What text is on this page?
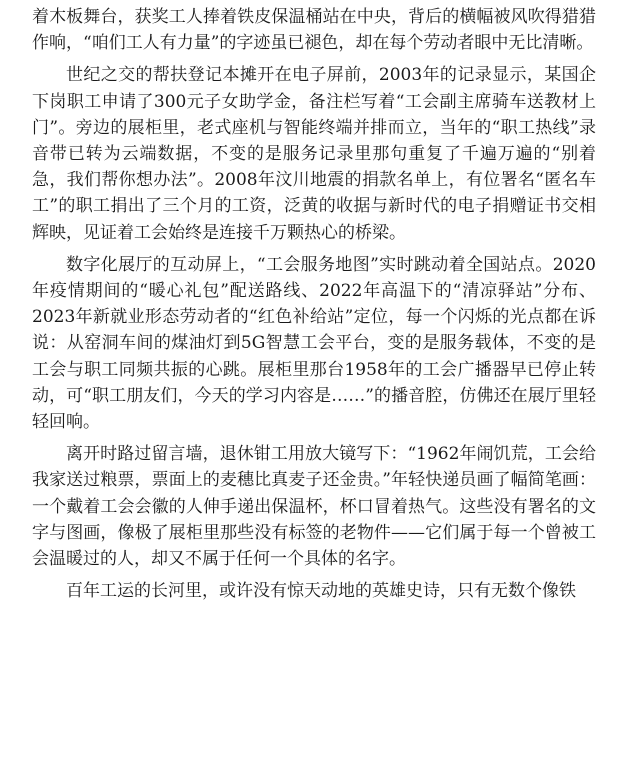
着木板舞台，获奖工人捧着铁皮保温桶站在中央，背后的横幅被风吹得猎猎作响，“咱们工人有力量”的字迹虽已褪色，却在每个劳动者眼中无比清晰。

世纪之交的帮扶登记本摊开在电子屏前，2003年的记录显示，某国企下岗职工申请了300元子女助学金，备注栏写着“工会副主席骑车送教材上门”。旁边的展柜里，老式座机与智能终端并排而立，当年的“职工热线”录音带已转为云端数据，不变的是服务记录里那句重复了千遍万遍的“别着急，我们帮你想办法”。2008年汶川地震的捐款名单上，有位署名“匿名车工”的职工捐出了三个月的工资，泛黄的收据与新时代的电子捐赠证书交相辉映，见证着工会始终是连接千万颗热心的桥梁。

数字化展厅的互动屏上，“工会服务地图”实时跳动着全国站点。2020年疫情期间的“暖心礼包”配送路线、2022年高温下的“清凉驿站”分布、2023年新就业形态劳动者的“红色补给站”定位，每一个闪烁的光点都在诉说：从窑洞车间的煤油灯到5G智慧工会平台，变的是服务载体，不变的是工会与职工同频共振的心跳。展柜里那台1958年的工会广播器早已停止转动，可“职工朋友们，今天的学习内容是……”的播音腔，仿佛还在展厅里轻轻回响。

离开时路过留言墙，退休钳工用放大镜写下：“1962年闹饥荒，工会给我家送过粮票，票面上的麦穗比真麦子还金贵。”年轻快递员画了幅简笔画：一个戴着工会会徽的人伸手递出保温杯，杯口冒着热气。这些没有署名的文字与图画，像极了展柜里那些没有标签的老物件——它们属于每一个曾被工会温暖过的人，却又不属于任何一个具体的名字。

百年工运的长河里，或许没有惊天动地的英雄史诗，只有无数个像铁
